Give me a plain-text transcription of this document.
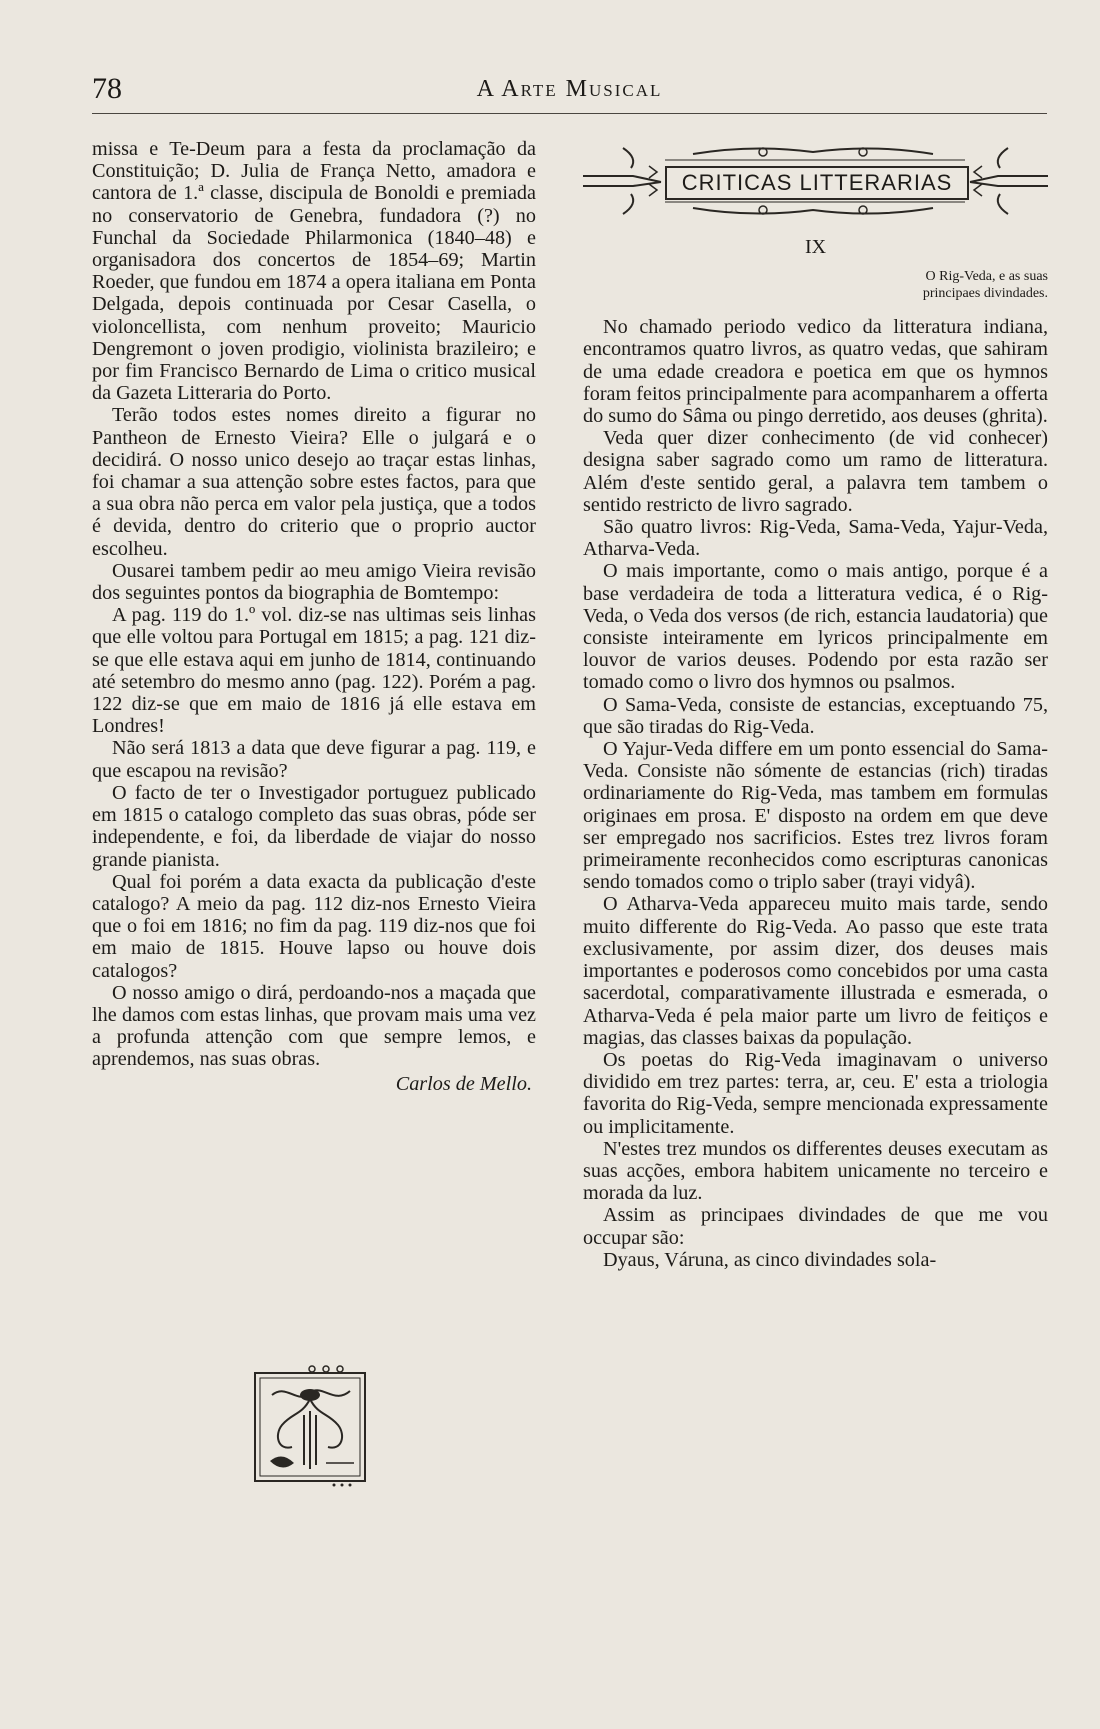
78	A Arte Musical

missa e Te-Deum para a festa da proclamação da Constituição; D. Julia de França Netto, amadora e cantora de 1.ª classe, discipula de Bonoldi e premiada no conservatorio de Genebra, fundadora (?) no Funchal da Sociedade Philarmonica (1840–48) e organisadora dos concertos de 1854–69; Martin Roeder, que fundou em 1874 a opera italiana em Ponta Delgada, depois continuada por Cesar Casella, o violoncellista, com nenhum proveito; Mauricio Dengremont o joven prodigio, violinista brazileiro; e por fim Francisco Bernardo de Lima o critico musical da Gazeta Litteraria do Porto.

Terão todos estes nomes direito a figurar no Pantheon de Ernesto Vieira? Elle o julgará e o decidirá. O nosso unico desejo ao traçar estas linhas, foi chamar a sua attenção sobre estes factos, para que a sua obra não perca em valor pela justiça, que a todos é devida, dentro do criterio que o proprio auctor escolheu.

Ousarei tambem pedir ao meu amigo Vieira revisão dos seguintes pontos da biographia de Bomtempo:

A pag. 119 do 1.º vol. diz-se nas ultimas seis linhas que elle voltou para Portugal em 1815; a pag. 121 diz-se que elle estava aqui em junho de 1814, continuando até setembro do mesmo anno (pag. 122). Porém a pag. 122 diz-se que em maio de 1816 já elle estava em Londres!

Não será 1813 a data que deve figurar a pag. 119, e que escapou na revisão?

O facto de ter o Investigador portuguez publicado em 1815 o catalogo completo das suas obras, póde ser independente, e foi, da liberdade de viajar do nosso grande pianista.

Qual foi porém a data exacta da publicação d'este catalogo? A meio da pag. 112 diz-nos Ernesto Vieira que o foi em 1816; no fim da pag. 119 diz-nos que foi em maio de 1815. Houve lapso ou houve dois catalogos?

O nosso amigo o dirá, perdoando-nos a maçada que lhe damos com estas linhas, que provam mais uma vez a profunda attenção com que sempre lemos, e aprendemos, nas suas obras.

Carlos de Mello.
CRITICAS LITTERARIAS
IX
O Rig-Veda, e as suas
principaes divindades.

No chamado periodo vedico da litteratura indiana, encontramos quatro livros, as quatro vedas, que sahiram de uma edade creadora e poetica em que os hymnos foram feitos principalmente para acompanharem a offerta do sumo do Sâma ou pingo derretido, aos deuses (ghrita).

Veda quer dizer conhecimento (de vid conhecer) designa saber sagrado como um ramo de litteratura. Além d'este sentido geral, a palavra tem tambem o sentido restricto de livro sagrado.

São quatro livros: Rig-Veda, Sama-Veda, Yajur-Veda, Atharva-Veda.

O mais importante, como o mais antigo, porque é a base verdadeira de toda a litteratura vedica, é o Rig-Veda, o Veda dos versos (de rich, estancia laudatoria) que consiste inteiramente em lyricos principalmente em louvor de varios deuses. Podendo por esta razão ser tomado como o livro dos hymnos ou psalmos.

O Sama-Veda, consiste de estancias, exceptuando 75, que são tiradas do Rig-Veda.

O Yajur-Veda differe em um ponto essencial do Sama-Veda. Consiste não sómente de estancias (rich) tiradas ordinariamente do Rig-Veda, mas tambem em formulas originaes em prosa. E' disposto na ordem em que deve ser empregado nos sacrificios. Estes trez livros foram primeiramente reconhecidos como escripturas canonicas sendo tomados como o triplo saber (trayi vidyâ).

O Atharva-Veda appareceu muito mais tarde, sendo muito differente do Rig-Veda. Ao passo que este trata exclusivamente, por assim dizer, dos deuses mais importantes e poderosos como concebidos por uma casta sacerdotal, comparativamente illustrada e esmerada, o Atharva-Veda é pela maior parte um livro de feitiços e magias, das classes baixas da população.

Os poetas do Rig-Veda imaginavam o universo dividido em trez partes: terra, ar, ceu. E' esta a triologia favorita do Rig-Veda, sempre mencionada expressamente ou implicitamente.

N'estes trez mundos os differentes deuses executam as suas acções, embora habitem unicamente no terceiro e morada da luz.

Assim as principaes divindades de que me vou occupar são:

Dyaus, Váruna, as cinco divindades sola-
